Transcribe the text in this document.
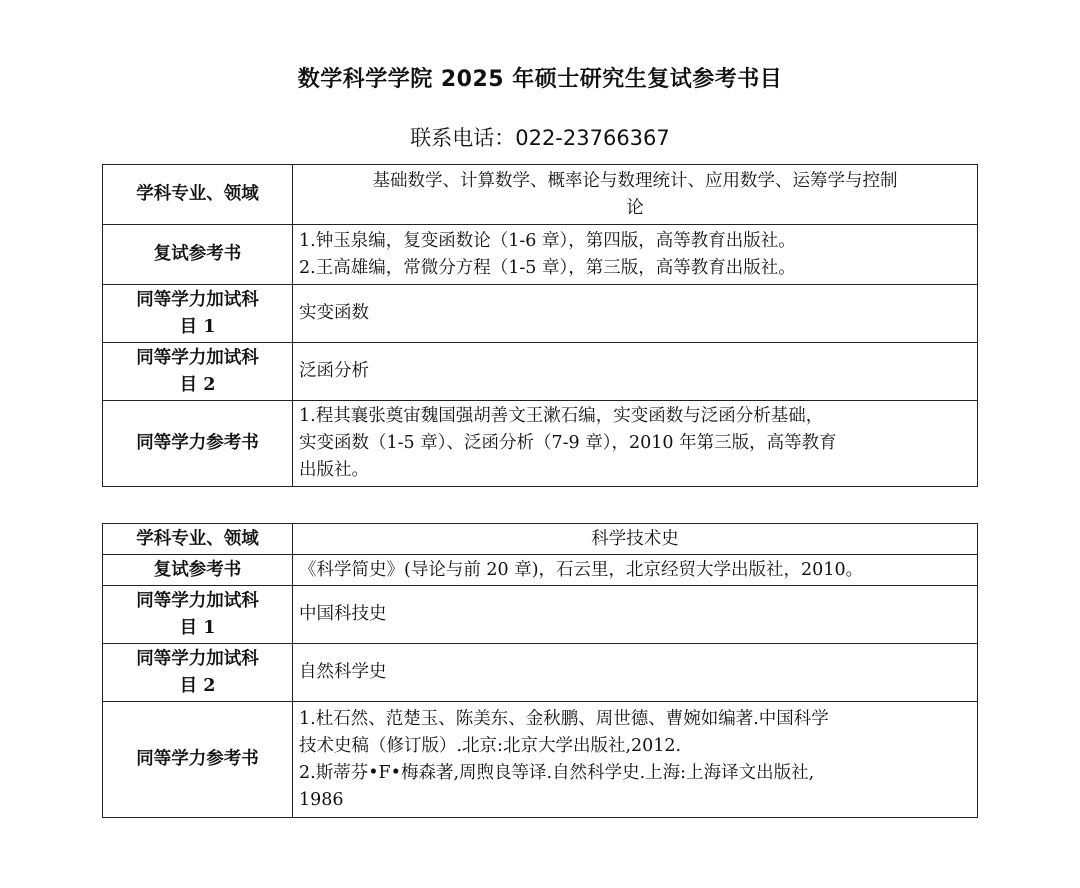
数学科学学院 2025 年硕士研究生复试参考书目
联系电话：022-23766367
学科专业、领域	基础数学、计算数学、概率论与数理统计、应用数学、运筹学与控制
论

复试参考书	1.钟玉泉编，复变函数论（1-6 章），第四版，高等教育出版社。
2.王高雄编，常微分方程（1-5 章），第三版，高等教育出版社。

同等学力加试科
目 1	实变函数

同等学力加试科
目 2	泛函分析
同等学力参考书	1.程其襄张奠宙魏国强胡善文王漱石编，实变函数与泛函分析基础，
实变函数（1-5 章）、泛函分析（7-9 章），2010 年第三版，高等教育
出版社。
学科专业、领域	科学技术史
复试参考书	《科学简史》(导论与前 20 章)，石云里，北京经贸大学出版社，2010。

同等学力加试科
目 1	中国科技史

同等学力加试科
目 2	自然科学史
同等学力参考书	1.杜石然、范楚玉、陈美东、金秋鹏、周世德、曹婉如编著.中国科学
技术史稿（修订版）.北京:北京大学出版社,2012.
2.斯蒂芬•F•梅森著,周煦良等译.自然科学史.上海:上海译文出版社,
1986
